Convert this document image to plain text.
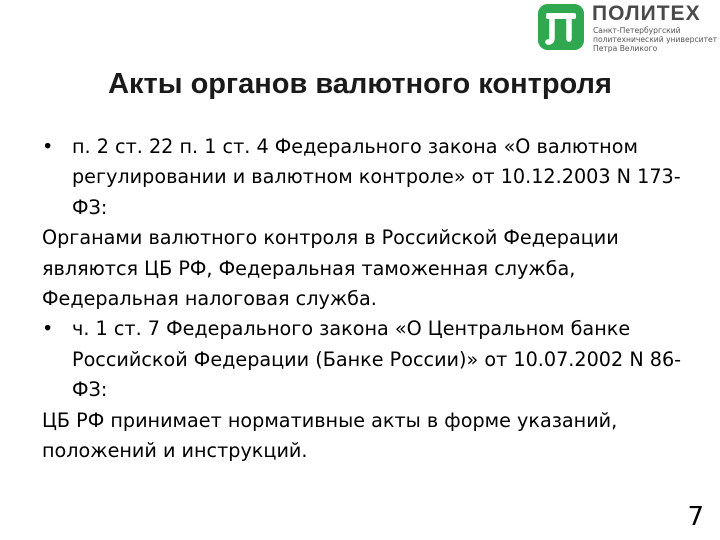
ПОЛИТЕХ
Санкт-Петербургский
политехнический университет
Петра Великого
Акты органов валютного контроля
• п. 2 ст. 22 п. 1 ст. 4 Федерального закона «О валютном регулировании и валютном контроле» от 10.12.2003 N 173-ФЗ:
Органами валютного контроля в Российской Федерации являются ЦБ РФ, Федеральная таможенная служба, Федеральная налоговая служба.
• ч. 1 ст. 7 Федерального закона «О Центральном банке Российской Федерации (Банке России)» от 10.07.2002 N 86-ФЗ:
ЦБ РФ принимает нормативные акты в форме указаний, положений и инструкций.
7
